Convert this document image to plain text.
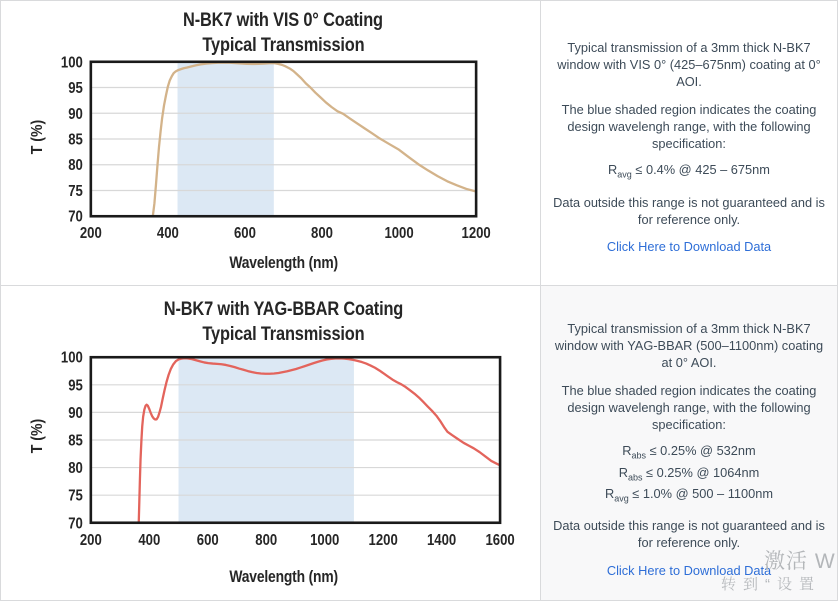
N-BK7 with VIS 0° Coating
Typical Transmission
70
75
80
85
90
95
100
200	400	600	800	1000	1200
T (%)
Wavelength (nm)

Typical transmission of a 3mm thick N-BK7 window with VIS 0° (425–675nm) coating at 0° AOI.

The blue shaded region indicates the coating design wavelengh range, with the following specification:

$R_{avg} \le 0.4\%$ @ 425 – 675nm

Data outside this range is not guaranteed and is for reference only.

Click Here to Download Data
N-BK7 with YAG-BBAR Coating
Typical Transmission
70
75
80
85
90
95
100
200 400 600 800 1000 1200 1400 1600
T (%)
Wavelength (nm)

Typical transmission of a 3mm thick N-BK7 window with YAG-BBAR (500–1100nm) coating at 0° AOI.

The blue shaded region indicates the coating design wavelengh range, with the following specification:

$R_{abs} \le 0.25\%$ @ 532nm
$R_{abs} \le 0.25\%$ @ 1064nm
$R_{avg} \le 1.0\%$ @ 500 – 1100nm

Data outside this range is not guaranteed and is for reference only.

Click Here to Download Data
激活 W
转到“设置
